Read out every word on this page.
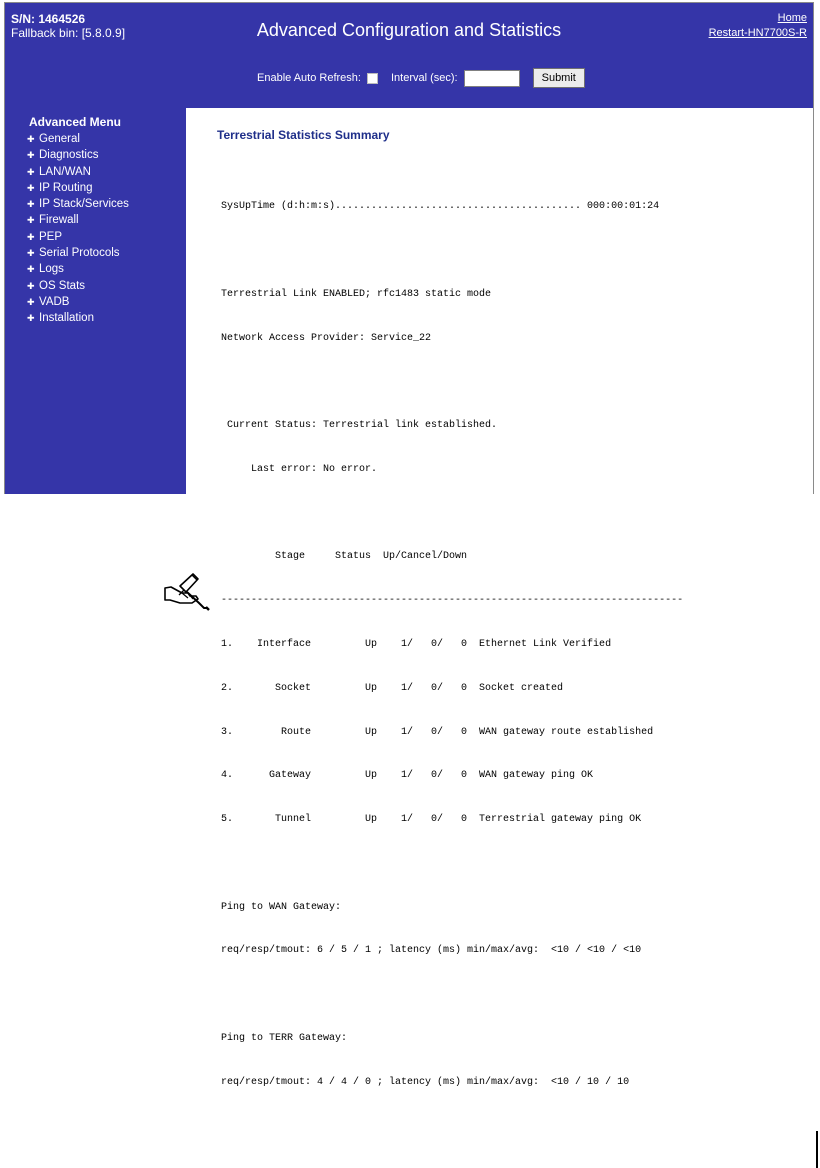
S/N: 1464526
Fallback bin: [5.8.0.9]	Advanced Configuration and Statistics
Home
Restart-HN7700S-R
Enable Auto Refresh:	Interval (sec):	Submit
Advanced Menu
✚ General
✚ Diagnostics
✚ LAN/WAN
✚ IP Routing
✚ IP Stack/Services
✚ Firewall
✚ PEP
✚ Serial Protocols
✚ Logs
✚ OS Stats
✚ VADB
✚ Installation
Terrestrial Statistics Summary

SysUpTime (d:h:m:s)......................................... 000:00:01:24

Terrestrial Link ENABLED; rfc1483 static mode

Network Access Provider: Service_22

Current Status: Terrestrial link established.

Last error: No error.

Stage     Status  Up/Cancel/Down

-----------------------------------------------------------------------------

1.    Interface         Up    1/   0/   0  Ethernet Link Verified

2.       Socket         Up    1/   0/   0  Socket created

3.        Route         Up    1/   0/   0  WAN gateway route established

4.      Gateway         Up    1/   0/   0  WAN gateway ping OK

5.       Tunnel         Up    1/   0/   0  Terrestrial gateway ping OK

Ping to WAN Gateway:

req/resp/tmout: 6 / 5 / 1 ; latency (ms) min/max/avg:  <10 / <10 / <10

Ping to TERR Gateway:

req/resp/tmout: 4 / 4 / 0 ; latency (ms) min/max/avg:  <10 / 10 / 10
